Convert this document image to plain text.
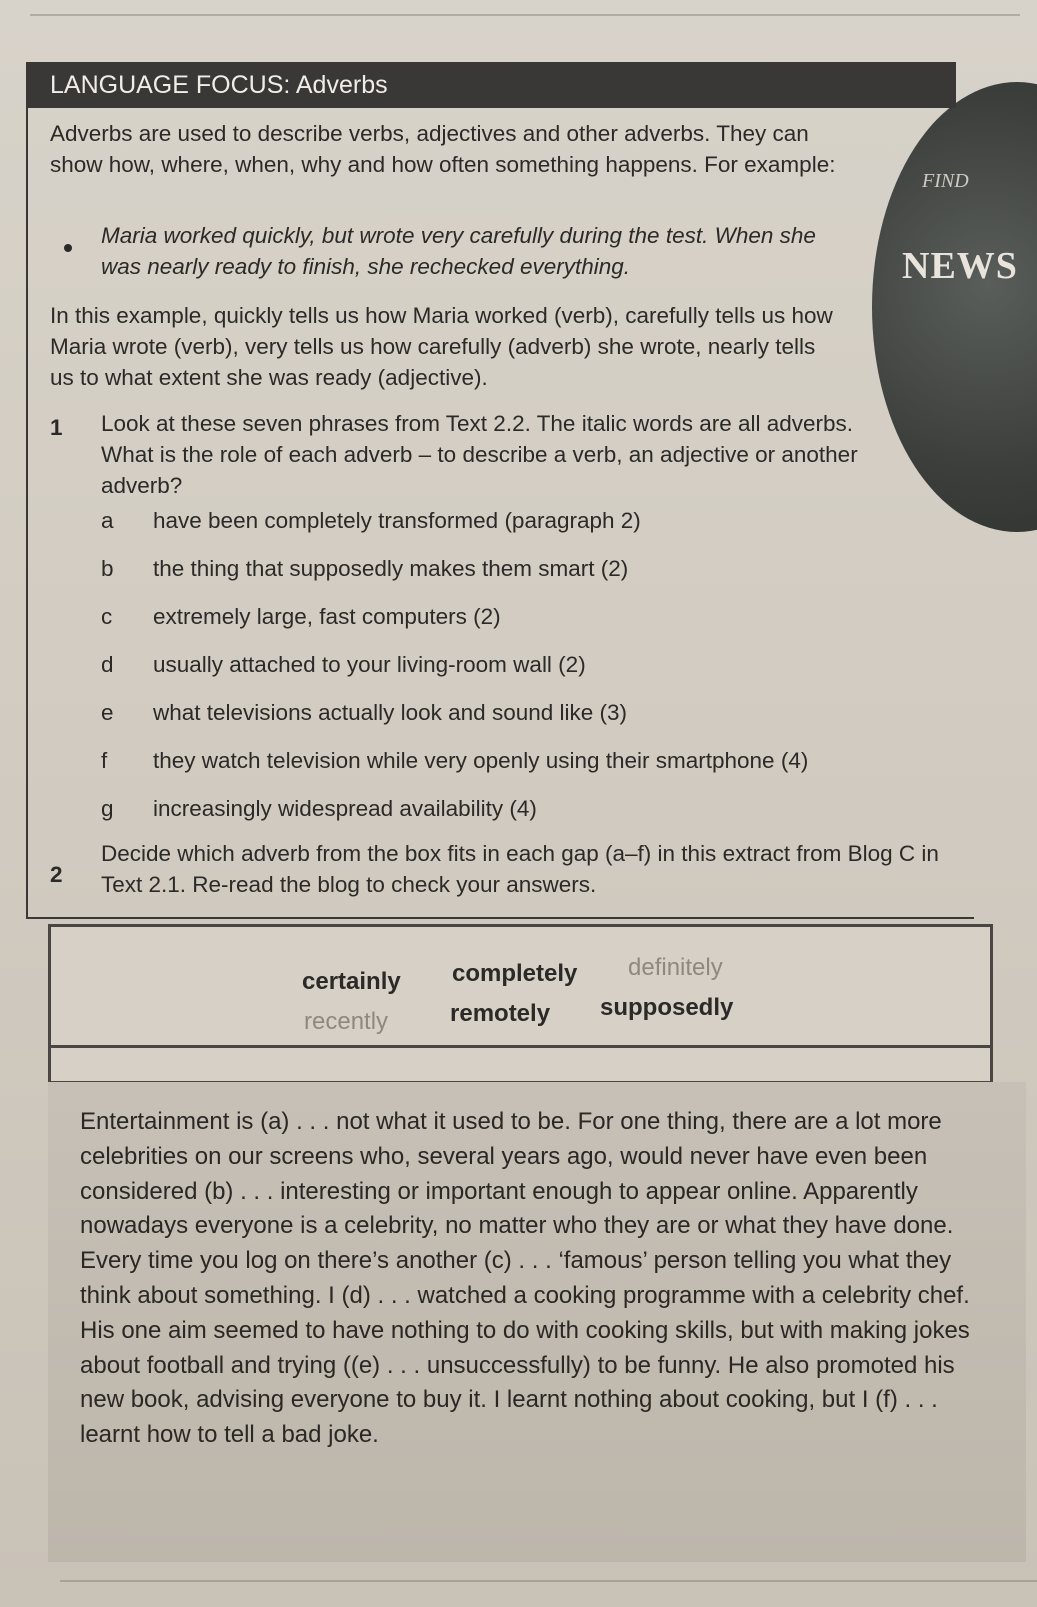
FIND
NEWS
LANGUAGE FOCUS: Adverbs

Adverbs are used to describe verbs, adjectives and other adverbs. They can show how, where, when, why and how often something happens. For example:

Maria worked quickly, but wrote very carefully during the test. When she was nearly ready to finish, she rechecked everything.

In this example, quickly tells us how Maria worked (verb), carefully tells us how Maria wrote (verb), very tells us how carefully (adverb) she wrote, nearly tells us to what extent she was ready (adjective).

1 Look at these seven phrases from Text 2.2. The italic words are all adverbs. What is the role of each adverb – to describe a verb, an adjective or another adverb?

a have been completely transformed (paragraph 2)
b the thing that supposedly makes them smart (2)
c extremely large, fast computers (2)
d usually attached to your living-room wall (2)
e what televisions actually look and sound like (3)
f they watch television while very openly using their smartphone (4)
g increasingly widespread availability (4)
2

Decide which adverb from the box fits in each gap (a–f) in this extract from Blog C in Text 2.1. Re-read the blog to check your answers.

certainly completely definitely
recently	remotely supposedly

Entertainment is (a) . . . not what it used to be. For one thing, there are a lot more celebrities on our screens who, several years ago, would never have even been considered (b) . . . interesting or important enough to appear online. Apparently nowadays everyone is a celebrity, no matter who they are or what they have done. Every time you log on there’s another (c) . . . ‘famous’ person telling you what they think about something. I (d) . . . watched a cooking programme with a celebrity chef. His one aim seemed to have nothing to do with cooking skills, but with making jokes about football and trying ((e) . . . unsuccessfully) to be funny. He also promoted his new book, advising everyone to buy it. I learnt nothing about cooking, but I (f) . . . learnt how to tell a bad joke.
